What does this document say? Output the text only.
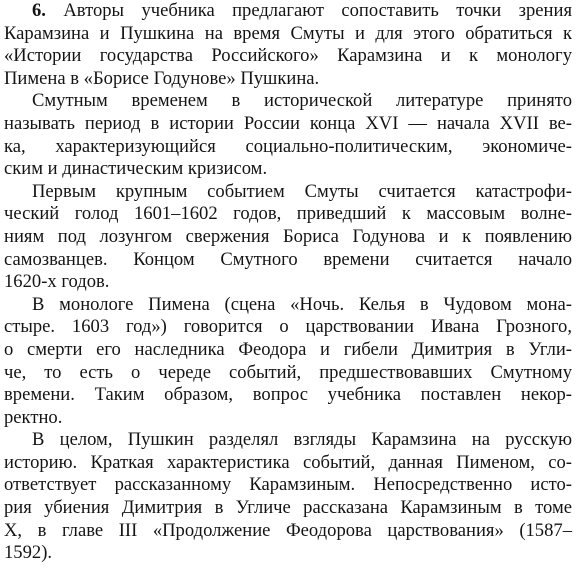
6. Авторы учебника предлагают сопоставить точки зрения
Карамзина и Пушкина на время Смуты и для этого обратиться к
«Истории государства Российского» Карамзина и к монологу
Пимена в «Борисе Годунове» Пушкина.
Смутным временем в исторической литературе принято
называть период в истории России конца XVI — начала XVII ве-
ка, характеризующийся социально-политическим, экономиче-
ским и династическим кризисом.
Первым крупным событием Смуты считается катастрофи-
ческий голод 1601–1602 годов, приведший к массовым волне-
ниям под лозунгом свержения Бориса Годунова и к появлению
самозванцев. Концом Смутного времени считается начало
1620-х годов.
В монологе Пимена (сцена «Ночь. Келья в Чудовом мона-
стыре. 1603 год») говорится о царствовании Ивана Грозного,
о смерти его наследника Феодора и гибели Димитрия в Угли-
че, то есть о череде событий, предшествовавших Смутному
времени. Таким образом, вопрос учебника поставлен некор-
ректно.
В целом, Пушкин разделял взгляды Карамзина на русскую
историю. Краткая характеристика событий, данная Пименом, со-
ответствует рассказанному Карамзиным. Непосредственно исто-
рия убиения Димитрия в Угличе рассказана Карамзиным в томе
X, в главе III «Продолжение Феодорова царствования» (1587–
1592).
